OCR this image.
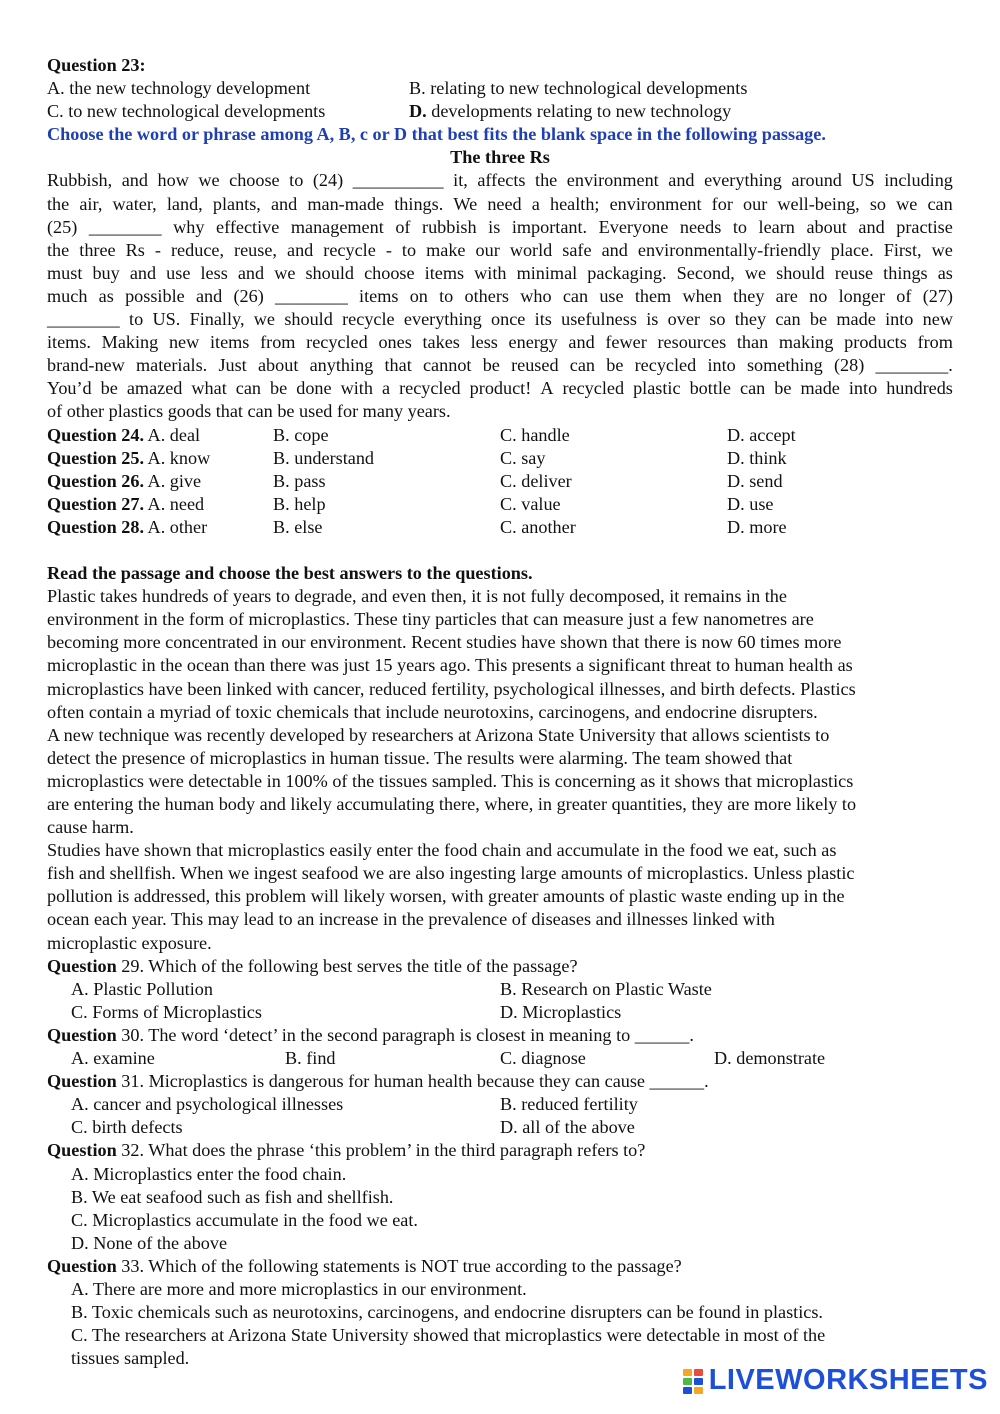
Question 23:
A. the new technology development	B. relating to new technological developments
C. to new technological developments	D. developments relating to new technology
Choose the word or phrase among A, B, c or D that best fits the blank space in the following passage.
The three Rs
Rubbish, and how we choose to (24) __________ it, affects the environment and everything around US including
the air, water, land, plants, and man-made things. We need a health; environment for our well-being, so we can
(25) ________ why effective management of rubbish is important. Everyone needs to learn about and practise
the three Rs - reduce, reuse, and recycle - to make our world safe and environmentally-friendly place. First, we
must buy and use less and we should choose items with minimal packaging. Second, we should reuse things as
much as possible and (26) ________ items on to others who can use them when they are no longer of (27)
________ to US. Finally, we should recycle everything once its usefulness is over so they can be made into new
items. Making new items from recycled ones takes less energy and fewer resources than making products from
brand-new materials. Just about anything that cannot be reused can be recycled into something (28) ________.
You’d be amazed what can be done with a recycled product! A recycled plastic bottle can be made into hundreds
of other plastics goods that can be used for many years.
Question 24. A. deal	B. cope	C. handle	D. accept
Question 25. A. know	B. understand	C. say	D. think
Question 26. A. give	B. pass	C. deliver	D. send
Question 27. A. need	B. help	C. value	D. use
Question 28. A. other	B. else	C. another	D. more
Read the passage and choose the best answers to the questions.
Plastic takes hundreds of years to degrade, and even then, it is not fully decomposed, it remains in the
environment in the form of microplastics. These tiny particles that can measure just a few nanometres are
becoming more concentrated in our environment. Recent studies have shown that there is now 60 times more
microplastic in the ocean than there was just 15 years ago. This presents a significant threat to human health as
microplastics have been linked with cancer, reduced fertility, psychological illnesses, and birth defects. Plastics
often contain a myriad of toxic chemicals that include neurotoxins, carcinogens, and endocrine disrupters.
A new technique was recently developed by researchers at Arizona State University that allows scientists to
detect the presence of microplastics in human tissue. The results were alarming. The team showed that
microplastics were detectable in 100% of the tissues sampled. This is concerning as it shows that microplastics
are entering the human body and likely accumulating there, where, in greater quantities, they are more likely to
cause harm.
Studies have shown that microplastics easily enter the food chain and accumulate in the food we eat, such as
fish and shellfish. When we ingest seafood we are also ingesting large amounts of microplastics. Unless plastic
pollution is addressed, this problem will likely worsen, with greater amounts of plastic waste ending up in the
ocean each year. This may lead to an increase in the prevalence of diseases and illnesses linked with
microplastic exposure.
Question 29. Which of the following best serves the title of the passage?
A. Plastic Pollution	B. Research on Plastic Waste
C. Forms of Microplastics	D. Microplastics
Question 30. The word ‘detect’ in the second paragraph is closest in meaning to ______.
A. examine	B. find	C. diagnose	D. demonstrate
Question 31. Microplastics is dangerous for human health because they can cause ______.
A. cancer and psychological illnesses	B. reduced fertility
C. birth defects	D. all of the above
Question 32. What does the phrase ‘this problem’ in the third paragraph refers to?
A. Microplastics enter the food chain.
B. We eat seafood such as fish and shellfish.
C. Microplastics accumulate in the food we eat.
D. None of the above
Question 33. Which of the following statements is NOT true according to the passage?
A. There are more and more microplastics in our environment.
B. Toxic chemicals such as neurotoxins, carcinogens, and endocrine disrupters can be found in plastics.
C. The researchers at Arizona State University showed that microplastics were detectable in most of the
tissues sampled.
LIVEWORKSHEETS
